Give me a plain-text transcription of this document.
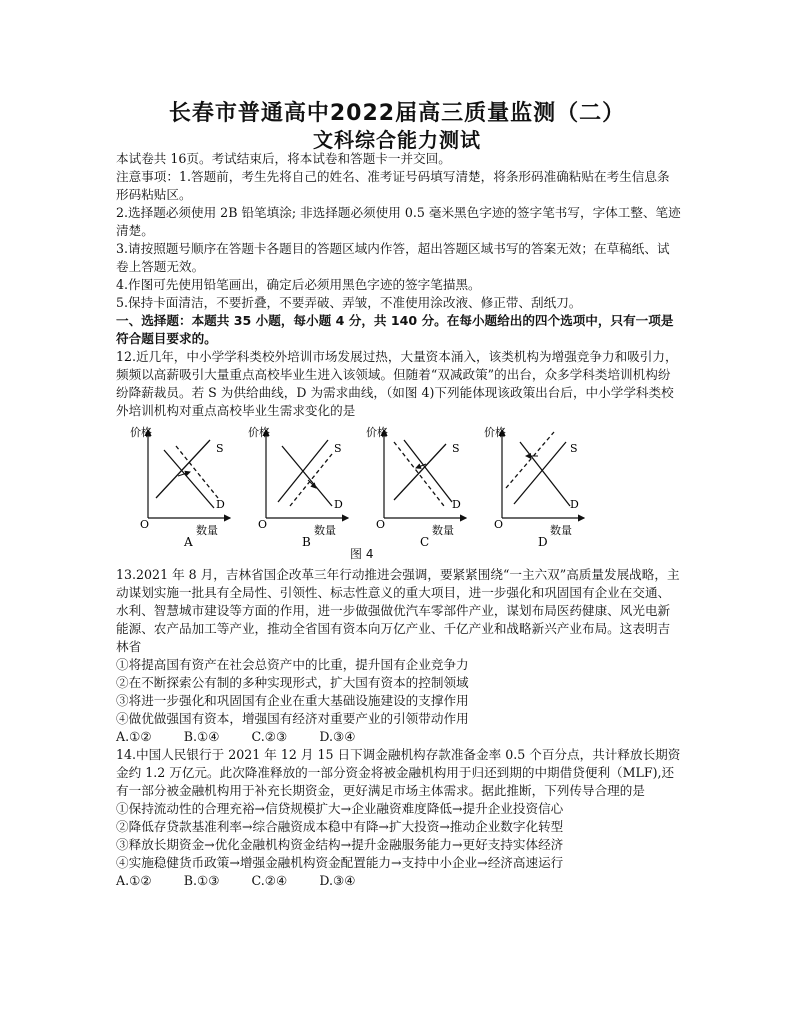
长春市普通高中2022届高三质量监测（二）
文科综合能力测试

本试卷共 16页。考试结束后，将本试卷和答题卡一并交回。

注意事项：1.答题前，考生先将自己的姓名、准考证号码填写清楚，将条形码准确粘贴在考生信息条形码粘贴区。

2.选择题必须使用 2B 铅笔填涂; 非选择题必须使用 0.5 毫米黑色字迹的签字笔书写，字体工整、笔迹清楚。

3.请按照题号顺序在答题卡各题目的答题区域内作答，超出答题区域书写的答案无效；在草稿纸、试卷上答题无效。

4.作图可先使用铅笔画出，确定后必须用黑色字迹的签字笔描黑。

5.保持卡面清洁，不要折叠，不要弄破、弄皱，不准使用涂改液、修正带、刮纸刀。

一、选择题：本题共 35 小题，每小题 4 分，共 140 分。在每小题给出的四个选项中，只有一项是符合题目要求的。

12.近几年，中小学学科类校外培训市场发展过热，大量资本涌入，该类机构为增强竞争力和吸引力，频频以高薪吸引大量重点高校毕业生进入该领域。但随着“双减政策”的出台，众多学科类培训机构纷纷降薪裁员。若 S 为供给曲线，D 为需求曲线，（如图 4)下列能体现该政策出台后，中小学学科类校外培训机构对重点高校毕业生需求变化的是

价格
数量
O
S
D
A
价格
数量
O
S
D
B
价格
数量
O
S
D
C
价格
数量
O
S
D
D
图 4

13.2021 年 8 月，吉林省国企改革三年行动推进会强调，要紧紧围绕“一主六双”高质量发展战略，主动谋划实施一批具有全局性、引领性、标志性意义的重大项目，进一步强化和巩固国有企业在交通、水利、智慧城市建设等方面的作用，进一步做强做优汽车零部件产业，谋划布局医药健康、风光电新能源、农产品加工等产业，推动全省国有资本向万亿产业、千亿产业和战略新兴产业布局。这表明吉林省

①将提高国有资产在社会总资产中的比重，提升国有企业竞争力

②在不断探索公有制的多种实现形式，扩大国有资本的控制领域

③将进一步强化和巩固国有企业在重大基础设施建设的支撑作用

④做优做强国有资本，增强国有经济对重要产业的引领带动作用

A.①②	B.①④	C.②③	D.③④

14.中国人民银行于 2021 年 12 月 15 日下调金融机构存款准备金率 0.5 个百分点，共计释放长期资金约 1.2 万亿元。此次降准释放的一部分资金将被金融机构用于归还到期的中期借贷便利（MLF),还有一部分被金融机构用于补充长期资金，更好满足市场主体需求。据此推断，下列传导合理的是

①保持流动性的合理充裕→信贷规模扩大→企业融资难度降低→提升企业投资信心

②降低存贷款基准利率→综合融资成本稳中有降→扩大投资→推动企业数字化转型

③释放长期资金→优化金融机构资金结构→提升金融服务能力→更好支持实体经济

④实施稳健货币政策→增强金融机构资金配置能力→支持中小企业→经济高速运行

A.①②	B.①③	C.②④	D.③④
